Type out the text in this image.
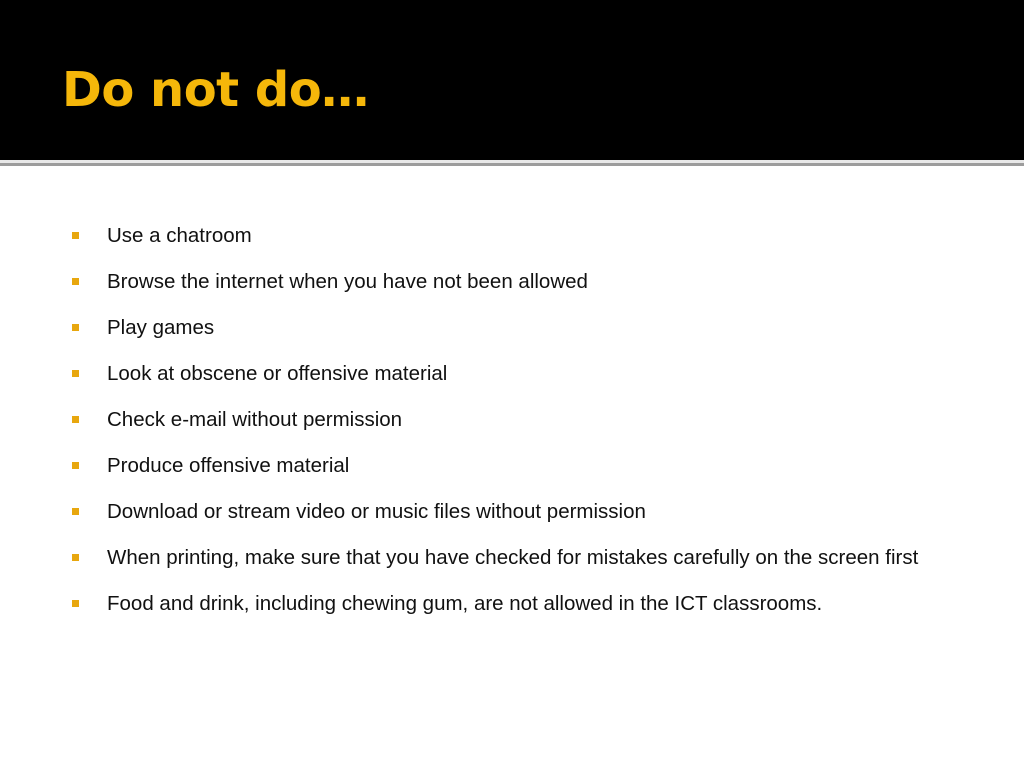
Do not do…
Use a chatroom
Browse the internet when you have not been allowed
Play games
Look at obscene or offensive material
Check e-mail without permission
Produce offensive material
Download or stream video or music files without permission
When printing, make sure that you have checked for mistakes carefully on the screen first
Food and drink, including chewing gum, are not allowed in the ICT classrooms.
